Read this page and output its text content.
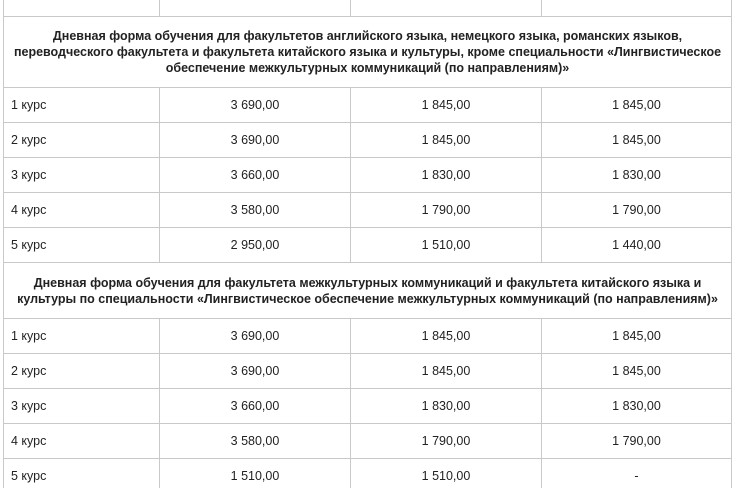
Дневная форма обучения для факультетов английского языка, немецкого языка, романских языков, переводческого факультета и факультета китайского языка и культуры, кроме специальности «Лингвистическое обеспечение межкультурных коммуникаций (по направлениям)»			
1 курс	3 690,00	1 845,00	1 845,00
2 курс	3 690,00	1 845,00	1 845,00
3 курс	3 660,00	1 830,00	1 830,00
4 курс	3 580,00	1 790,00	1 790,00
5 курс	2 950,00	1 510,00	1 440,00
Дневная форма обучения для факультета межкультурных коммуникаций и факультета китайского языка и культуры по специальности «Лингвистическое обеспечение межкультурных коммуникаций (по направлениям)»			
1 курс	3 690,00	1 845,00	1 845,00
2 курс	3 690,00	1 845,00	1 845,00
3 курс	3 660,00	1 830,00	1 830,00
4 курс	3 580,00	1 790,00	1 790,00
5 курс	1 510,00	1 510,00	-
